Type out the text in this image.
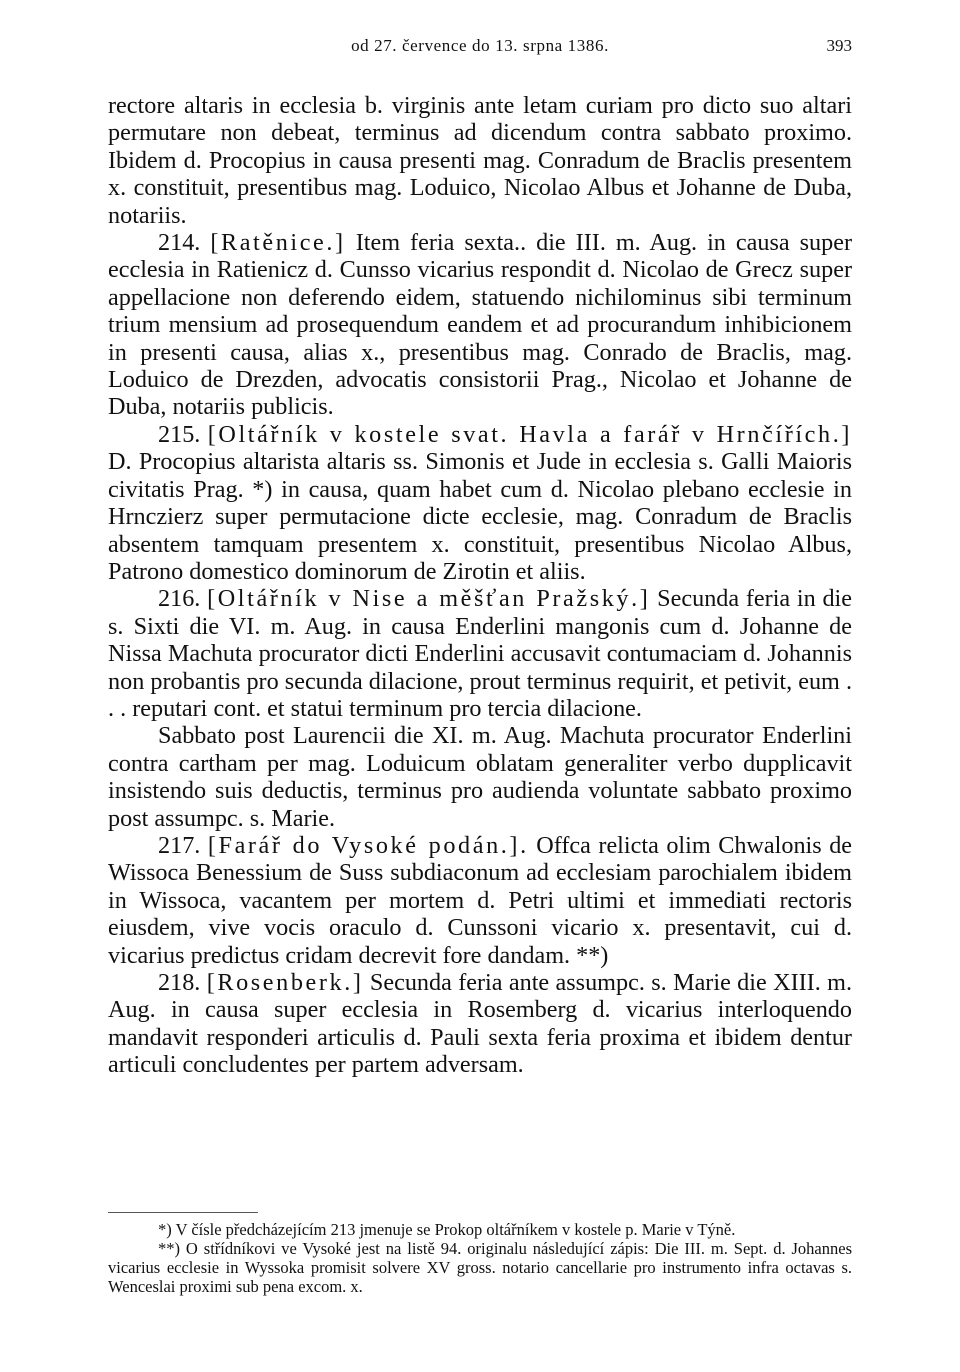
od 27. července do 13. srpna 1386.	393

rectore altaris in ecclesia b. virginis ante letam curiam pro dicto suo altari permutare non debeat, terminus ad dicendum contra sabbato proximo. Ibidem d. Procopius in causa presenti mag. Conradum de Braclis presentem x. constituit, presentibus mag. Loduico, Nicolao Albus et Johanne de Duba, notariis.

214. [Ratěnice.] Item feria sexta.. die III. m. Aug. in causa super ecclesia in Ratienicz d. Cunsso vicarius respondit d. Nicolao de Grecz super appellacione non deferendo eidem, statuendo nichilominus sibi terminum trium mensium ad prosequendum eandem et ad procurandum inhibicionem in presenti causa, alias x., presentibus mag. Conrado de Braclis, mag. Loduico de Drezden, advocatis consistorii Prag., Nicolao et Johanne de Duba, notariis publicis.

215. [Oltářník v kostele svat. Havla a farář v Hrnčířích.] D. Procopius altarista altaris ss. Simonis et Jude in ecclesia s. Galli Maioris civitatis Prag. *) in causa, quam habet cum d. Nicolao plebano ecclesie in Hrnczierz super permutacione dicte ecclesie, mag. Conradum de Braclis absentem tamquam presentem x. constituit, presentibus Nicolao Albus, Patrono domestico dominorum de Zirotin et aliis.

216. [Oltářník v Nise a měšťan Pražský.] Secunda feria in die s. Sixti die VI. m. Aug. in causa Enderlini mangonis cum d. Johanne de Nissa Machuta procurator dicti Enderlini accusavit contumaciam d. Johannis non probantis pro secunda dilacione, prout terminus requirit, et petivit, eum . . . reputari cont. et statui terminum pro tercia dilacione.

Sabbato post Laurencii die XI. m. Aug. Machuta procurator Enderlini contra cartham per mag. Loduicum oblatam generaliter verbo dupplicavit insistendo suis deductis, terminus pro audienda voluntate sabbato proximo post assumpc. s. Marie.

217. [Farář do Vysoké podán.]. Offca relicta olim Chwalonis de Wissoca Benessium de Suss subdiaconum ad ecclesiam parochialem ibidem in Wissoca, vacantem per mortem d. Petri ultimi et immediati rectoris eiusdem, vive vocis oraculo d. Cunssoni vicario x. presentavit, cui d. vicarius predictus cridam decrevit fore dandam. **)

218. [Rosenberk.] Secunda feria ante assumpc. s. Marie die XIII. m. Aug. in causa super ecclesia in Rosemberg d. vicarius interloquendo mandavit responderi articulis d. Pauli sexta feria proxima et ibidem dentur articuli concludentes per partem adversam.

*) V čísle předcházejícím 213 jmenuje se Prokop oltářníkem v kostele p. Marie v Týně.

**) O střídníkovi ve Vysoké jest na listě 94. originalu následující zápis: Die III. m. Sept. d. Johannes vicarius ecclesie in Wyssoka promisit solvere XV gross. notario cancellarie pro instrumento infra octavas s. Wenceslai proximi sub pena excom. x.
